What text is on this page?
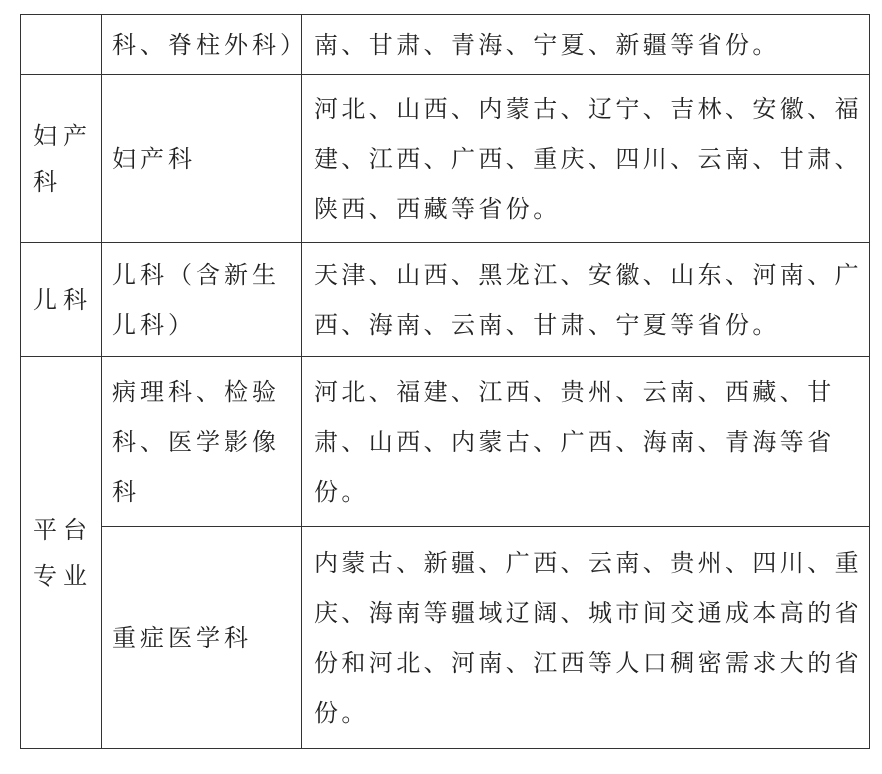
	科、脊柱外科）	南、甘肃、青海、宁夏、新疆等省份。
妇产科	妇产科	河北、山西、内蒙古、辽宁、吉林、安徽、福建、江西、广西、重庆、四川、云南、甘肃、陕西、西藏等省份。
儿科	儿科（含新生儿科）	天津、山西、黑龙江、安徽、山东、河南、广西、海南、云南、甘肃、宁夏等省份。
平台专业	病理科、检验科、医学影像科	河北、福建、江西、贵州、云南、西藏、甘肃、山西、内蒙古、广西、海南、青海等省份。
	重症医学科	内蒙古、新疆、广西、云南、贵州、四川、重庆、海南等疆域辽阔、城市间交通成本高的省份和河北、河南、江西等人口稠密需求大的省份。
